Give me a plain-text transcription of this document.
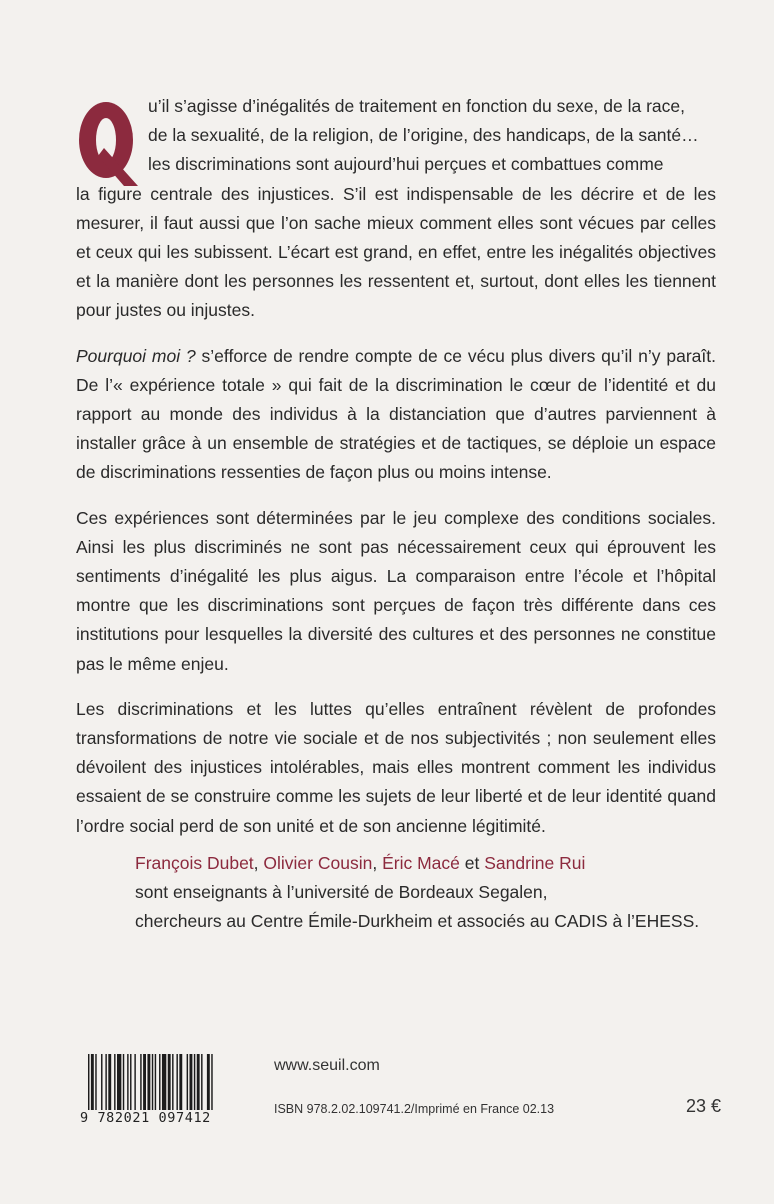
u’il s’agisse d’inégalités de traitement en fonction du sexe, de la race,
de la sexualité, de la religion, de l’origine, des handicaps, de la santé…
les discriminations sont aujourd’hui perçues et combattues comme
la figure centrale des injustices. S’il est indispensable de les décrire et de les mesurer, il faut aussi que l’on sache mieux comment elles sont vécues par celles et ceux qui les subissent. L’écart est grand, en effet, entre les inégalités objectives et la manière dont les personnes les ressentent et, surtout, dont elles les tiennent pour justes ou injustes.

Pourquoi moi ? s’efforce de rendre compte de ce vécu plus divers qu’il n’y paraît. De l’« expérience totale » qui fait de la discrimination le cœur de l’identité et du rapport au monde des individus à la distanciation que d’autres parviennent à installer grâce à un ensemble de stratégies et de tactiques, se déploie un espace de discriminations ressenties de façon plus ou moins intense.

Ces expériences sont déterminées par le jeu complexe des conditions sociales. Ainsi les plus discriminés ne sont pas nécessairement ceux qui éprouvent les sentiments d’inégalité les plus aigus. La comparaison entre l’école et l’hôpital montre que les discriminations sont perçues de façon très différente dans ces institutions pour lesquelles la diversité des cultures et des personnes ne constitue pas le même enjeu.

Les discriminations et les luttes qu’elles entraînent révèlent de profondes transformations de notre vie sociale et de nos subjectivités ; non seulement elles dévoilent des injustices intolérables, mais elles montrent comment les individus essaient de se construire comme les sujets de leur liberté et de leur identité quand l’ordre social perd de son unité et de son ancienne légitimité.

François Dubet, Olivier Cousin, Éric Macé et Sandrine Rui
sont enseignants à l’université de Bordeaux Segalen,
chercheurs au Centre Émile-Durkheim et associés au CADIS à l’EHESS.
9 782021 097412
www.seuil.com
ISBN 978.2.02.109741.2/Imprimé en France 02.13	23 €
